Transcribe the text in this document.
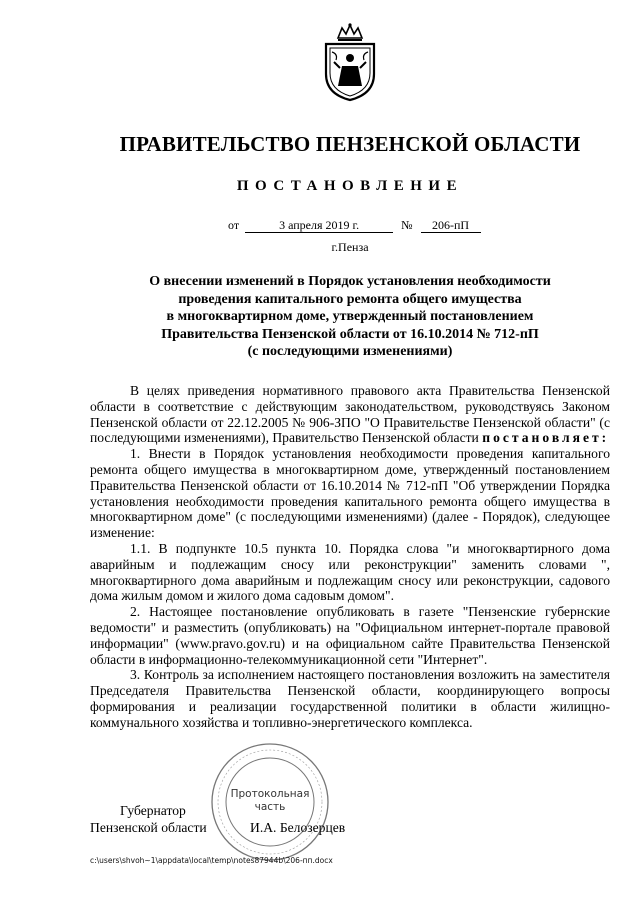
ПРАВИТЕЛЬСТВО ПЕНЗЕНСКОЙ ОБЛАСТИ
ПОСТАНОВЛЕНИЕ
от	3 апреля 2019 г.	№ 206-пП
г.Пенза
О внесении изменений в Порядок установления необходимости
проведения капитального ремонта общего имущества
в многоквартирном доме, утвержденный постановлением
Правительства Пензенской области от 16.10.2014 № 712-пП
(с последующими изменениями)

В целях приведения нормативного правового акта Правительства Пензенской области в соответствие с действующим законодательством, руководствуясь Законом Пензенской области от 22.12.2005 № 906-ЗПО "О Правительстве Пензенской области" (с последующими изменениями), Правительство Пензенской области постановляет:

1. Внести в Порядок установления необходимости проведения капитального ремонта общего имущества в многоквартирном доме, утвержденный постановлением Правительства Пензенской области от 16.10.2014 № 712-пП "Об утверждении Порядка установления необходимости проведения капитального ремонта общего имущества в многоквартирном доме" (с последующими изменениями) (далее - Порядок), следующее изменение:

1.1. В подпункте 10.5 пункта 10. Порядка слова "и многоквартирного дома аварийным и подлежащим сносу или реконструкции" заменить словами ", многоквартирного дома аварийным и подлежащим сносу или реконструкции, садового дома жилым домом и жилого дома садовым домом".

2. Настоящее постановление опубликовать в газете "Пензенские губернские ведомости" и разместить (опубликовать) на "Официальном интернет-портале правовой информации" (www.pravo.gov.ru) и на официальном сайте Правительства Пензенской области в информационно-телекоммуникационной сети "Интернет".

3. Контроль за исполнением настоящего постановления возложить на заместителя Председателя Правительства Пензенской области, координирующего вопросы формирования и реализации государственной политики в области жилищно-коммунального хозяйства и топливно-энергетического комплекса.

Протокольная
часть
Губернатор
Пензенской области	И.А. Белозерцев
c:\users\shvoh~1\appdata\local\temp\notes87944b\206-пп.docx
